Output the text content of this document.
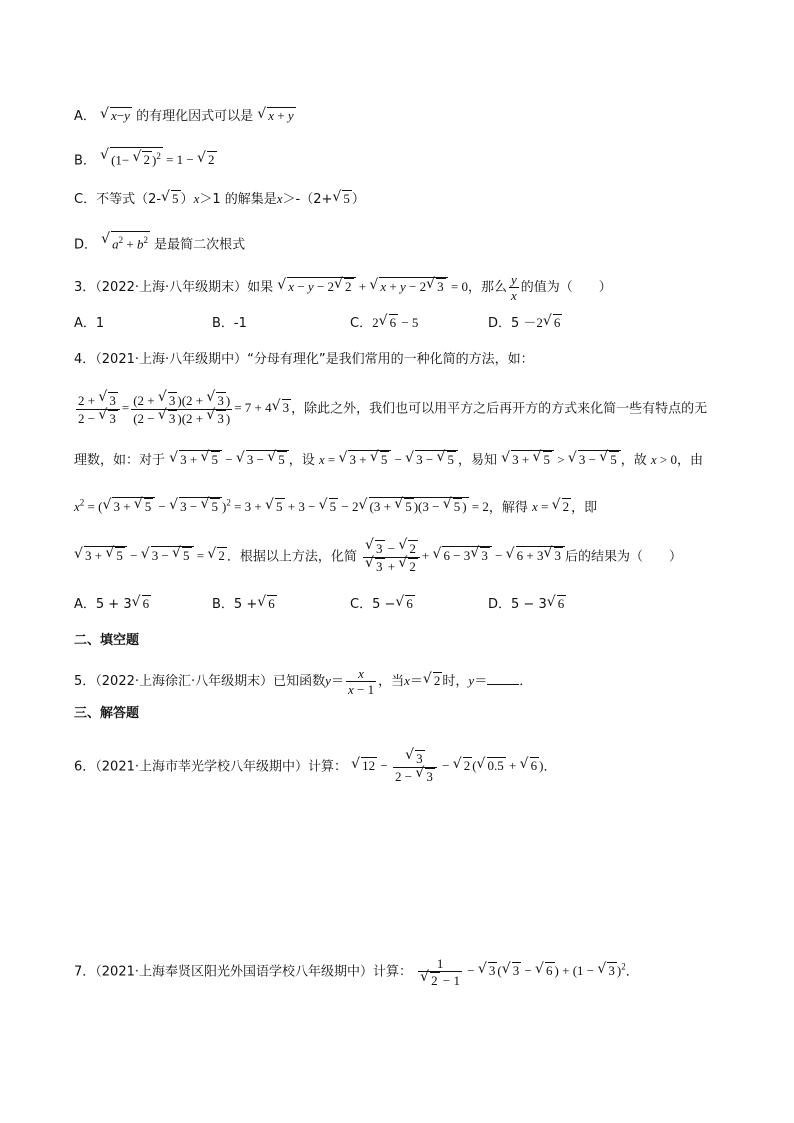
A． √ x−y 的有理化因式可以是 √ x + y
B． √ (1− √ 2 )$^2$ = 1 − √ 2
C．不等式（2-√ 5 ）x＞1 的解集是x＞-（2+√ 5 ）
D． √ $a^2 + b^2$ 是最简二次根式
3．（2022·上海·八年级期末）如果 √ x − y − 2√ 2 + √ x + y − 2√ 3 = 0，那么 $\frac{y}{x}$ 的值为（　　）
A．1	B．-1	C．2√ 6 − 5	D．5 －2√ 6
4．（2021·上海·八年级期中）“分母有理化”是我们常用的一种化简的方法，如：
$\frac{2 + √ 3}{2 - √ 3} = \frac{(2 + √ 3 )(2 + √ 3 )}{(2 - √ 3 )(2 + √ 3 )} = 7 + 4√$ 3 ，除此之外，我们也可以用平方之后再开方的方式来化简一些有特点的无
理数，如：对于 √ 3 + √ 5 − √ 3 − √ 5 ，设 x = √ 3 + √ 5 − √ 3 − √ 5 ，易知 √ 3 + √ 5 > √ 3 − √ 5 ，故 x > 0，由
$x^2$ = (√ 3 + √ 5 − √ 3 − √ 5 )$^2$ = 3 + √ 5 + 3 − √ 5 − 2√ (3 + √ 5 )(3 − √ 5 ) = 2，解得 x = √ 2 ，即
√ 3 + √ 5 − √ 3 − √ 5 = √ 2 ．根据以上方法，化简
√ 3 − √ 2
√ 3 + √ 2 + √ 6 − 3√ 3 − √ 6 + 3√ 3 后的结果为（　　）
A．5 + 3√ 6	B．5 +√ 6	C．5 −√ 6	D．5 − 3√ 6
二、填空题
5．（2022·上海徐汇·八年级期末）已知函数$y= \frac{x}{x - 1}$ ，当x＝√ 2 时，y＝ ．
三、解答题
6．（2021·上海市莘光学校八年级期中）计算： √ 12 −
√ $\frac{3}{2 - √ 3}$ − √ 2 (√ 0.5 + √ 6 )．
7．（2021·上海奉贤区阳光外国语学校八年级期中）计算： 1
√ 2 − 1 − √ 3 (√ 3 − √ 6 ) + (1 − √ 3 )$^2$．
